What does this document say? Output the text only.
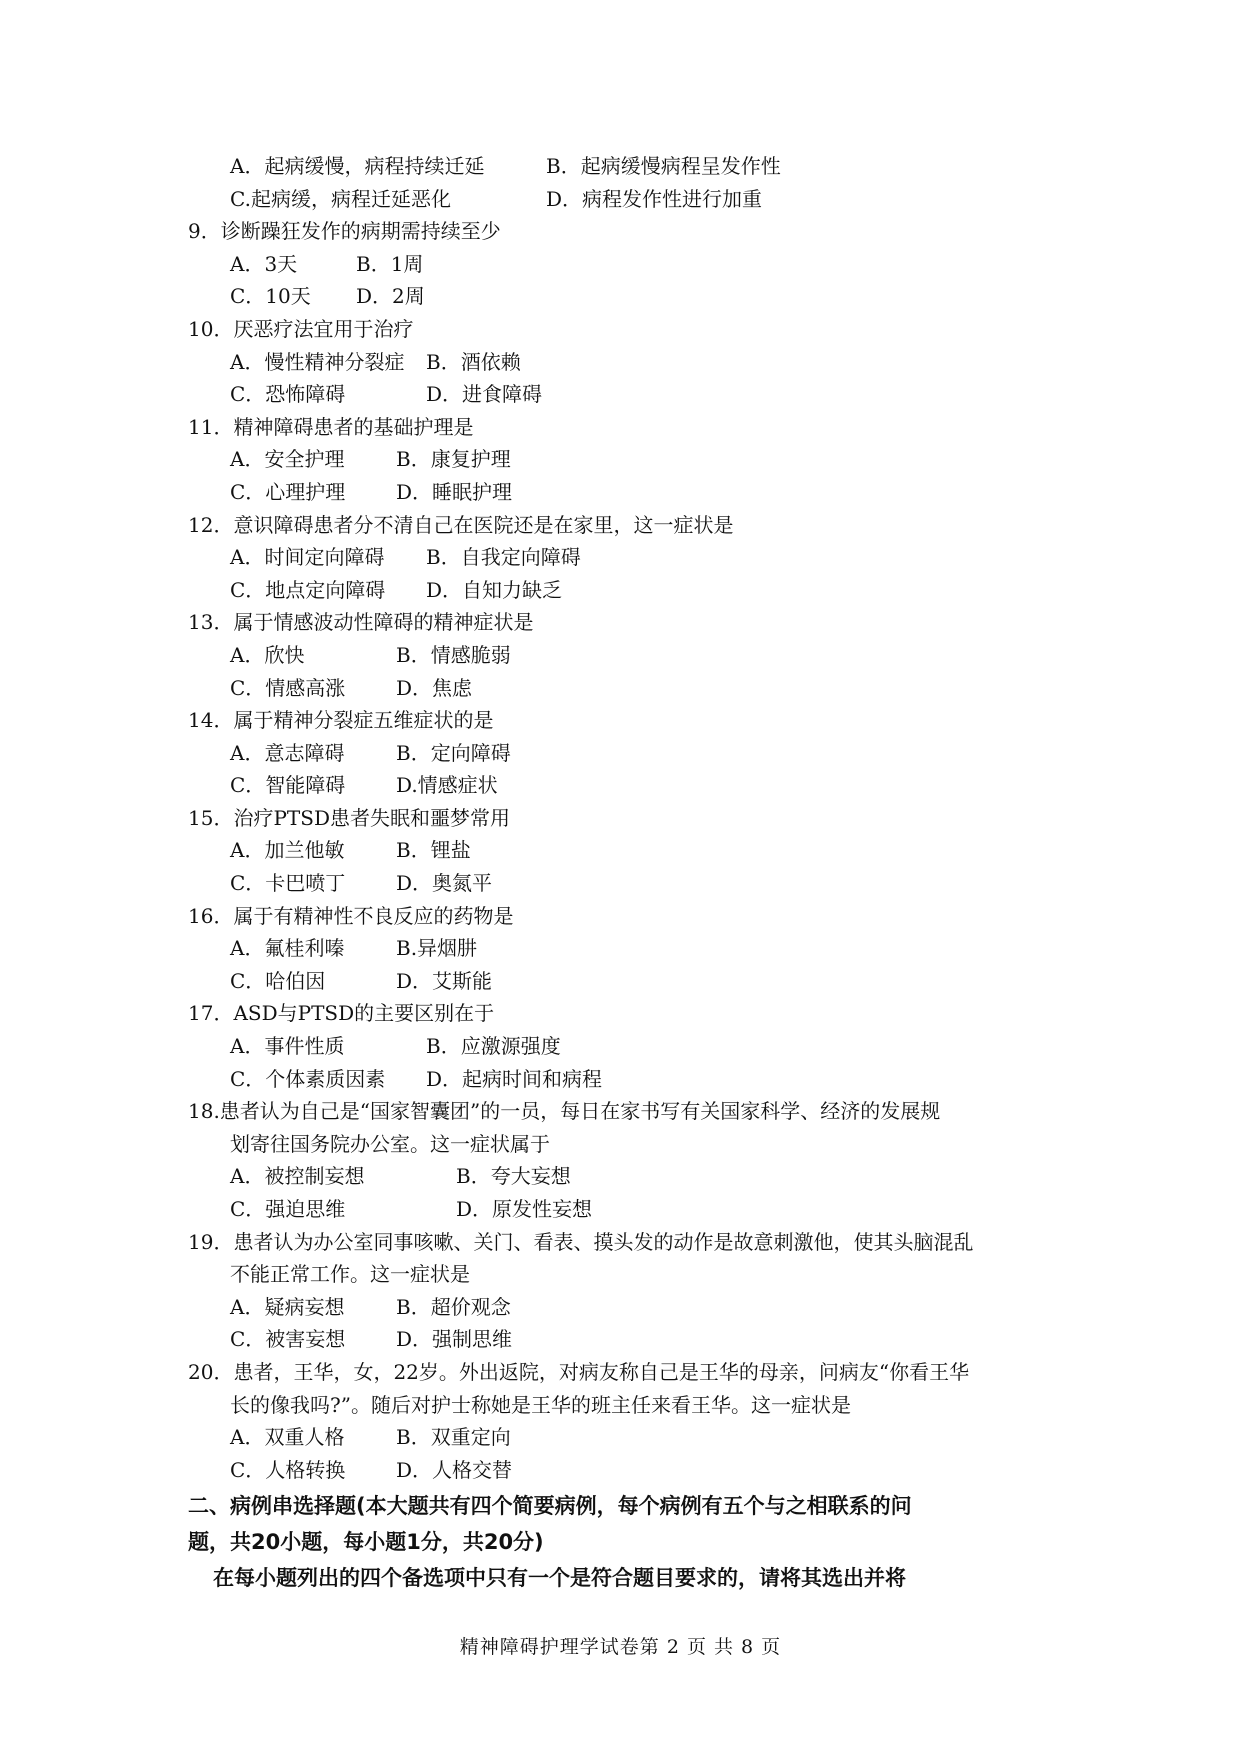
A．起病缓慢，病程持续迁延	B．起病缓慢病程呈发作性
C.起病缓，病程迁延恶化	D．病程发作性进行加重
9．诊断躁狂发作的病期需持续至少
A．3天	B．1周
C．10天 D．2周
10．厌恶疗法宜用于治疗
A．慢性精神分裂症 B．酒依赖
C．恐怖障碍	D．进食障碍
11．精神障碍患者的基础护理是
A．安全护理	B．康复护理
C．心理护理	D．睡眠护理
12．意识障碍患者分不清自己在医院还是在家里，这一症状是
A．时间定向障碍 B．自我定向障碍
C．地点定向障碍 D．自知力缺乏
13．属于情感波动性障碍的精神症状是
A．欣快	B．情感脆弱
C．情感高涨	D．焦虑
14．属于精神分裂症五维症状的是
A．意志障碍	B．定向障碍
C．智能障碍	D.情感症状
15．治疗PTSD患者失眠和噩梦常用
A．加兰他敏	B．锂盐
C．卡巴喷丁	D．奥氮平
16．属于有精神性不良反应的药物是
A．氟桂利嗪	B.异烟肼
C．哈伯因	D．艾斯能
17．ASD与PTSD的主要区别在于
A．事件性质	B．应激源强度
C．个体素质因素 D．起病时间和病程
18.患者认为自己是“国家智囊团”的一员，每日在家书写有关国家科学、经济的发展规
划寄往国务院办公室。这一症状属于
A．被控制妄想	B．夸大妄想
C．强迫思维	D．原发性妄想
19．患者认为办公室同事咳嗽、关门、看表、摸头发的动作是故意刺激他，使其头脑混乱
不能正常工作。这一症状是
A．疑病妄想	B．超价观念
C．被害妄想	D．强制思维
20．患者，王华，女，22岁。外出返院，对病友称自己是王华的母亲，问病友“你看王华
长的像我吗?”。随后对护士称她是王华的班主任来看王华。这一症状是
A．双重人格	B．双重定向
C．人格转换	D．人格交替
二、病例串选择题(本大题共有四个简要病例，每个病例有五个与之相联系的问
题，共20小题，每小题1分，共20分)
在每小题列出的四个备选项中只有一个是符合题目要求的，请将其选出并将
精神障碍护理学试卷第 2 页 共 8 页
